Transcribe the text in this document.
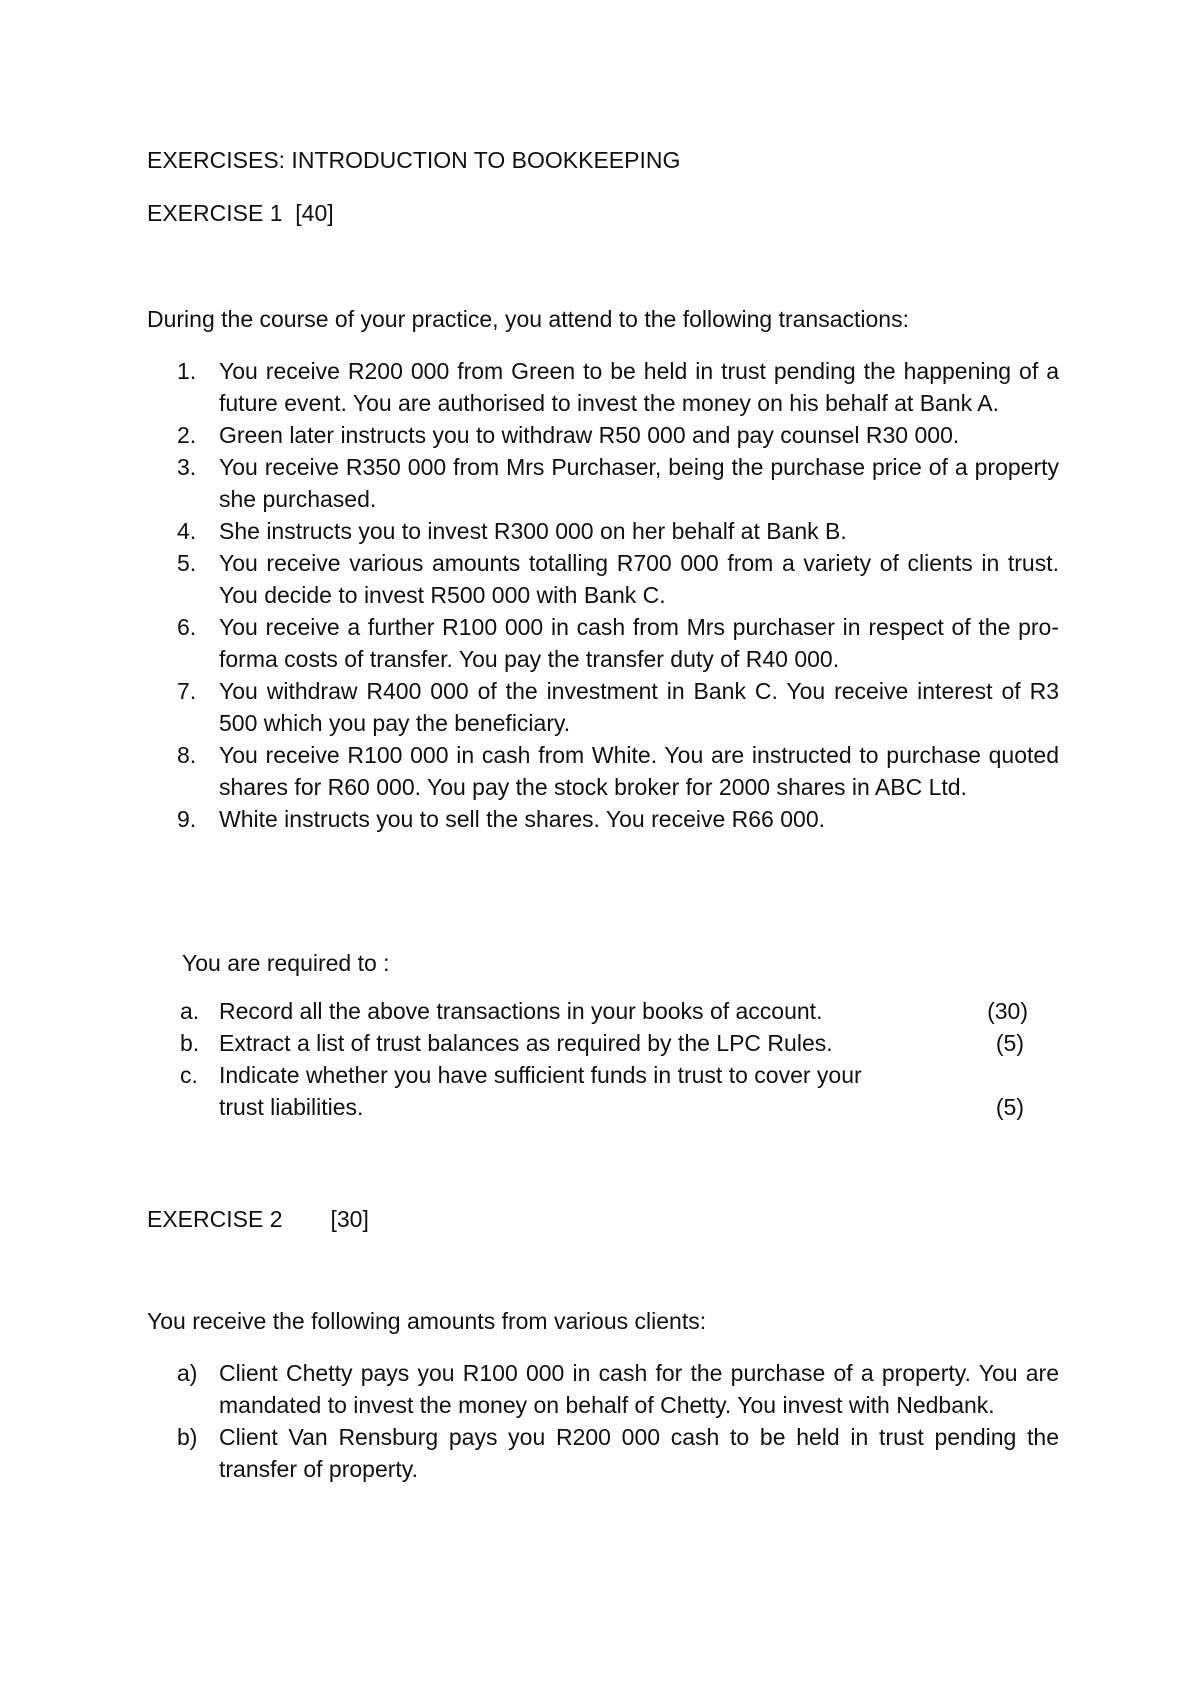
EXERCISES: INTRODUCTION TO BOOKKEEPING
EXERCISE 1 [40]
During the course of your practice, you attend to the following transactions:
1. You receive R200 000 from Green to be held in trust pending the happening of a future event. You are authorised to invest the money on his behalf at Bank A.
2. Green later instructs you to withdraw R50 000 and pay counsel R30 000.
3. You receive R350 000 from Mrs Purchaser, being the purchase price of a property she purchased.
4. She instructs you to invest R300 000 on her behalf at Bank B.
5. You receive various amounts totalling R700 000 from a variety of clients in trust. You decide to invest R500 000 with Bank C.
6. You receive a further R100 000 in cash from Mrs purchaser in respect of the pro-forma costs of transfer. You pay the transfer duty of R40 000.
7. You withdraw R400 000 of the investment in Bank C. You receive interest of R3 500 which you pay the beneficiary.
8. You receive R100 000 in cash from White. You are instructed to purchase quoted shares for R60 000. You pay the stock broker for 2000 shares in ABC Ltd.
9. White instructs you to sell the shares. You receive R66 000.
You are required to :
a. Record all the above transactions in your books of account.	(30)
b. Extract a list of trust balances as required by the LPC Rules.	(5)
c. Indicate whether you have sufficient funds in trust to cover your
trust liabilities.	(5)
EXERCISE 2 [30]
You receive the following amounts from various clients:
a) Client Chetty pays you R100 000 in cash for the purchase of a property. You are mandated to invest the money on behalf of Chetty. You invest with Nedbank.
b) Client Van Rensburg pays you R200 000 cash to be held in trust pending the transfer of property.
